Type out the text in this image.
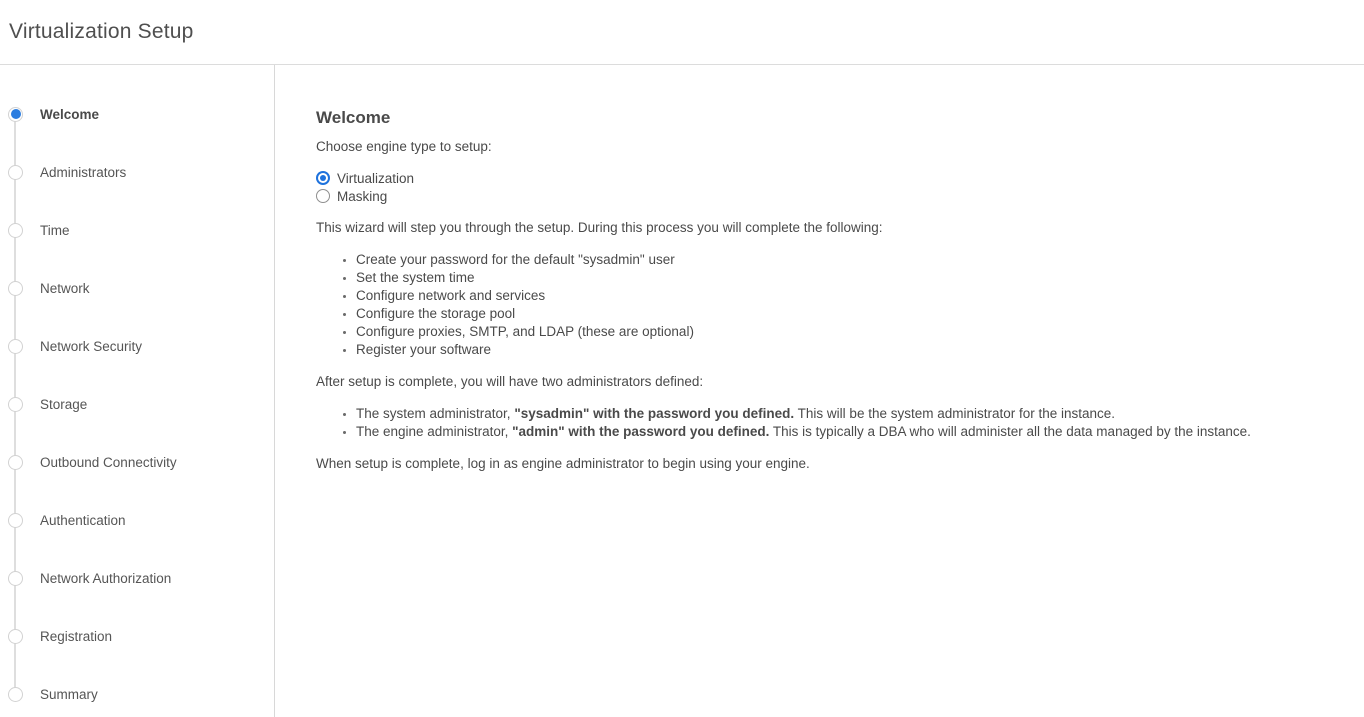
Virtualization Setup
Welcome
Administrators
Time
Network
Network Security
Storage
Outbound Connectivity
Authentication
Network Authorization
Registration
Summary
Welcome

Choose engine type to setup:

Virtualization
Masking

This wizard will step you through the setup. During this process you will complete the following:

• Create your password for the default "sysadmin" user
• Set the system time
• Configure network and services
• Configure the storage pool
• Configure proxies, SMTP, and LDAP (these are optional)
• Register your software

After setup is complete, you will have two administrators defined:

• The system administrator, "sysadmin" with the password you defined. This will be the system administrator for the instance.
• The engine administrator, "admin" with the password you defined. This is typically a DBA who will administer all the data managed by the instance.

When setup is complete, log in as engine administrator to begin using your engine.
